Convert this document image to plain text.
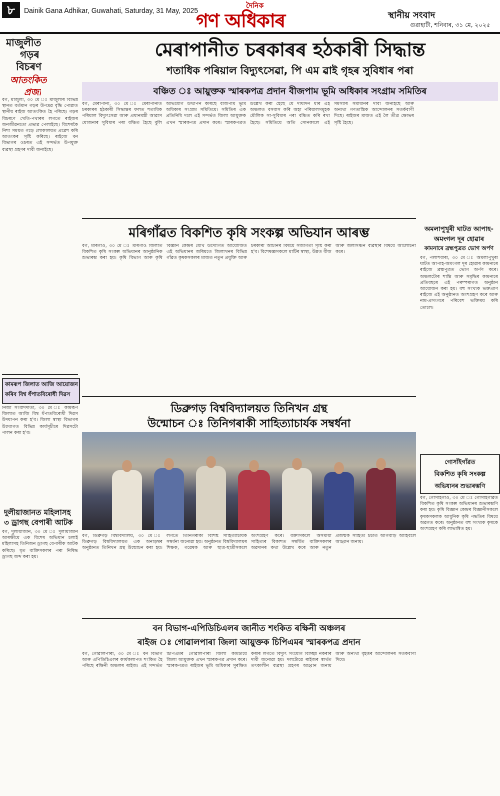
৮	Dainik Gana Adhikar, Guwahati, Saturday, 31 May, 2025
দৈনিক
গণ অধিকাৰ	স্থানীয় সংবাদ
গুৱাহাটী, শনিবাৰ, ৩১ মে, ২০২৫
মাজুলীত
গড়ৰ
বিচৰণ
আতংকিত
প্ৰজা
বগ, মাজুলী, ৩০ মে ঃ মাজুলীৰ বিভিন্ন স্থানত বৰ্তমান গড়ৰ উপদ্ৰৱ বৃদ্ধি পোৱাত স্থানীয় ৰাইজ আতংকিত হৈ পৰিছে। গড়ৰ বিচৰণে খেতি-পথাৰৰ লগতে ৰাইজৰ জনজীৱনতো প্ৰভাৱ পেলাইছে। বিশেষকৈ নিশা সময়ত গড়ে লোকালয়ত প্ৰৱেশ কৰি আতংকৰ সৃষ্টি কৰিছে। ৰাইজে বন বিভাগৰ ওচৰত এই সন্দৰ্ভত উপযুক্ত ব্যৱস্থা গ্ৰহণৰ দাবী জনাইছে।
কামৰূপ জিলাত আজি আয়োজন
কৰিব বিশ্ব ধঁপাতবিৰোধী দিৱস
নিজা সংবাদদাতা, ৩০ মে ঃ কামৰূপ জিলাত আজি বিশ্ব ধঁপাতবিৰোধী দিৱস উদযাপন কৰা হ'ব। জিলা স্বাস্থ্য বিভাগৰ উদ্যোগত বিভিন্ন কাৰ্যসূচীৰে দিৱসটো পালন কৰা হ'ব।
দুলীয়াজানত মহিলাসহ
৩ ড্ৰাগছ বেপাৰী আটক
বগ, দুলীয়াজান, ৩০ মে ঃ দুলীয়াজান আৰক্ষীয়ে এক বিশেষ অভিযান চলাই মহিলাসহ তিনিজন ড্ৰাগছ বেপাৰীক আটক কৰিছে। ধৃত ব্যক্তিসকলৰ পৰা নিষিদ্ধ ড্ৰাগছ জব্দ কৰা হয়।
মেৰাপানীত চৰকাৰৰ হঠকাৰী সিদ্ধান্ত
শতাধিক পৰিয়াল বিদ্যুৎসেৱা, পি এম ৱাই গৃহৰ সুবিধাৰ পৰা
বঞ্চিত ঃ আয়ুক্তক স্মাৰকপত্ৰ প্ৰদান বীজপাম ভূমি অধিকাৰ সংগ্ৰাম সমিতিৰ
বগ, মেৰাপানী, ৩০ মে ঃ মেৰাপানীত চৰকাৰৰ হঠকাৰী সিদ্ধান্তৰ ফলত শতাধিক পৰিয়াল বিদ্যুৎসেৱা আৰু প্ৰধানমন্ত্ৰী আৱাস যোজনাৰ সুবিধাৰ পৰা বঞ্চিত হৈছে বুলি অভিযোগ উত্থাপন কৰিছে বীজপাম ভূমি অধিকাৰ সংগ্ৰাম সমিতিয়ে। সমিতিৰ এক প্ৰতিনিধি দলে এই সন্দৰ্ভত জিলা আয়ুক্তক এখন স্মাৰকপত্ৰ প্ৰদান কৰে। স্মাৰকপত্ৰত উল্লেখ কৰা হৈছে যে দীৰ্ঘদিন ধৰি এই অঞ্চলত বসবাস কৰি অহা পৰিয়ালসমূহক মৌলিক সা-সুবিধাৰ পৰা বঞ্চিত কৰি ৰখা হৈছে। সমিতিয়ে অতি সোনকালে এই সমস্যাৰ সমাধানৰ দাবী জনাইছে আৰু অন্যথা গণতান্ত্ৰিক আন্দোলনৰ সতৰ্কবাণী দিছে। ৰাইজৰ মাজত এই লৈ তীব্ৰ ক্ষোভৰ সৃষ্টি হৈছে।
মৰিগাঁৱত বিকশিত কৃষি সংকল্প অভিযান আৰম্ভ
বগ, মৰিগাঁও, ৩০ মে ঃ মৰিগাঁও জিলাত বিকশিত কৃষি সংকল্প অভিযানৰ আনুষ্ঠানিক শুভাৰম্ভ কৰা হয়। কৃষি বিভাগ আৰু কৃষি বিজ্ঞান কেন্দ্ৰৰ যৌথ উদ্যোগত আয়োজিত এই অভিযানৰ জৰিয়তে জিলাখনৰ বিভিন্ন গাঁৱত কৃষকসকলৰ মাজত নতুন প্ৰযুক্তি আৰু চৰকাৰী আঁচনিৰ বিষয়ে সজাগতা সৃষ্টি কৰা হ'ব। বিশেষজ্ঞসকলে মাটিৰ স্বাস্থ্য, উন্নত বীজ আৰু জলসিঞ্চন ব্যৱস্থাৰ বিষয়ে আলোচনা কৰে।
ডিব্ৰুগড় বিশ্ববিদ্যালয়ত তিনিখন গ্ৰন্থ
উন্মোচন ঃ তিনিগৰাকী সাহিত্যাচাৰ্যক সম্বৰ্ধনা
বগ, ডিব্ৰুগড় বিশ্ববিদ্যালয়, ৩০ মে ঃ ডিব্ৰুগড় বিশ্ববিদ্যালয়ত এক অনাড়ম্বৰ অনুষ্ঠানত তিনিখন গ্ৰন্থ উন্মোচন কৰা হয়। লগতে তিনিগৰাকী বিশিষ্ট সাহিত্যাচাৰ্যক সম্বৰ্ধনা জনোৱা হয়। অনুষ্ঠানত বিশ্ববিদ্যালয়ৰ শিক্ষক, গৱেষক আৰু ছাত্ৰ-ছাত্ৰীসকলে অংশগ্ৰহণ কৰে। বক্তাসকলে অসমীয়া সাহিত্যৰ বিকাশত সম্বৰ্ধিত ব্যক্তিসকলৰ অৱদানৰ কথা উল্লেখ কৰে আৰু নতুন প্ৰজন্মক সাহিত্য চৰ্চাত আগবাঢ়ি আহিবলৈ আহ্বান জনায়।
অমলাপুখুৰী ঘাটত আপাহ-
অমংগল দূৰ হোৱাৰ
কামনাৰে ব্ৰহ্মপুত্ৰত ভোগ অৰ্পণ
বগ, পলাশবাৰী, ৩০ মে ঃ অমলাপুখুৰী ঘাটত আপাহ-অমংগল দূৰ হোৱাৰ কামনাৰে ৰাইজে ব্ৰহ্মপুত্ৰত ভোগ অৰ্পণ কৰে। অঞ্চলটোৰ শান্তি আৰু সমৃদ্ধিৰ কামনাৰে প্ৰতিবছৰে এই পৰম্পৰাগত অনুষ্ঠান আয়োজন কৰা হয়। বহু সংখ্যক ভক্তপ্ৰাণ ৰাইজে এই অনুষ্ঠানত অংশগ্ৰহণ কৰে আৰু নাম-প্ৰসংগৰে পৰিবেশ ভক্তিময় কৰি তোলে।
গোসাঁইগাঁৱত
বিকশিত কৃষি সংকল্প
অভিযানৰ শুভাৰম্ভণি
বগ, গোসাঁইগাঁও, ৩০ মে ঃ গোসাঁইগাঁৱত বিকশিত কৃষি সংকল্প অভিযানৰ শুভাৰম্ভণি কৰা হয়। কৃষি বিজ্ঞান কেন্দ্ৰৰ বিজ্ঞানীসকলে কৃষকসকলক আধুনিক কৃষি পদ্ধতিৰ বিষয়ে অৱগত কৰে। অনুষ্ঠানত বহু সংখ্যক কৃষকে অংশগ্ৰহণ কৰি লাভান্বিত হয়।
বন বিভাগ-এপিডিচিএলৰ জানীত শংকিত ৰক্ষিনী অঞ্চলৰ
ৰাইজ ঃ গোৱালপাৰা জিলা আয়ুক্তক চিপিএমৰ স্মাৰকপত্ৰ প্ৰদান
বগ, গোৱালপাৰা, ৩০ মে ঃ বন বিভাগ আৰু এপিডিচিএলৰ কাৰ্যকলাপত শংকিত হৈ পৰিছে ৰক্ষিনী অঞ্চলৰ ৰাইজ। এই সন্দৰ্ভত চিপিএমৰ গোৱালপাৰা জিলা কমিটীয়ে জিলা আয়ুক্তক এখন স্মাৰকপত্ৰ প্ৰদান কৰে। স্মাৰকপত্ৰত ৰাইজৰ ভূমি অধিকাৰ সুৰক্ষিত কৰাৰ লগতে বিদ্যুৎ সংযোগ বিচ্ছিন্ন নকৰাৰ দাবী জনোৱা হয়। দলটোৱে ৰাইজৰ স্বাৰ্থত তৎকালীন ব্যৱস্থা গ্ৰহণৰ আহ্বান জনায় আৰু অন্যথা বৃহত্তৰ আন্দোলনৰ সতৰ্কবাণী দিয়ে।
